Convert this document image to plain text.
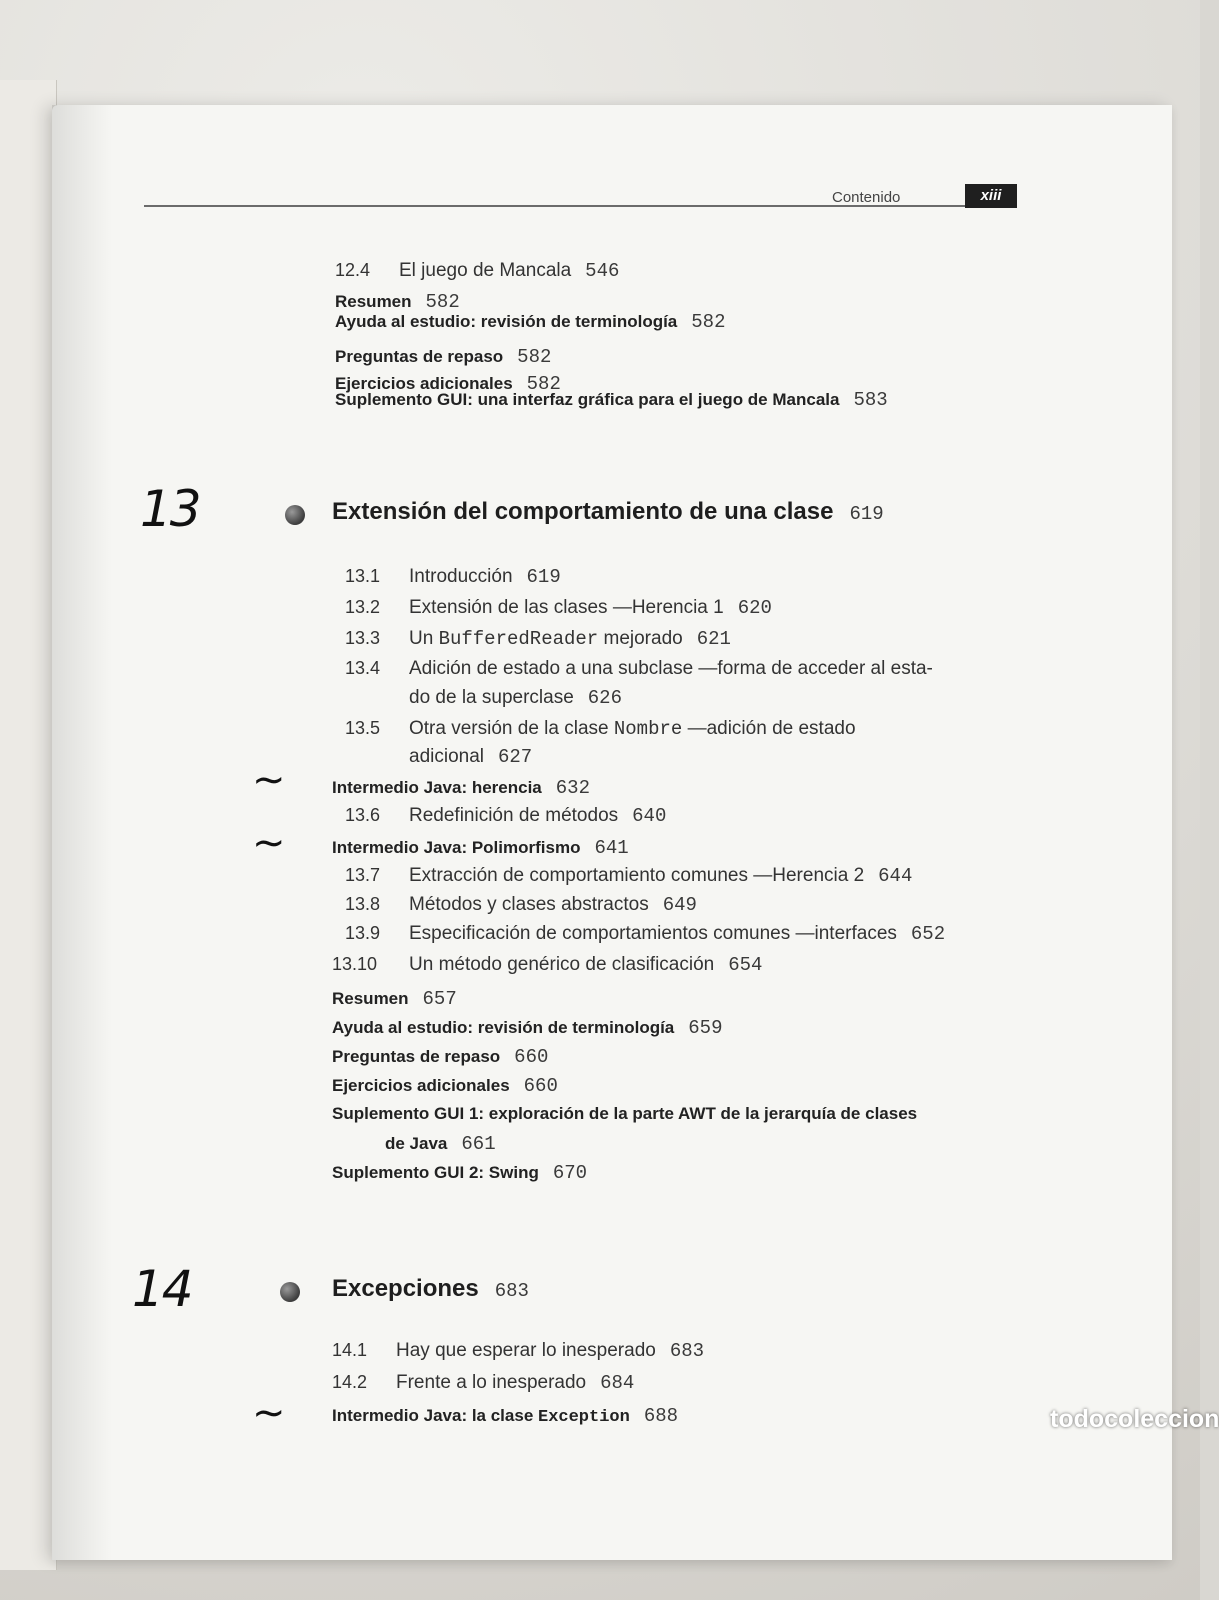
Contenido	xiii
12.4 El juego de Mancala 546
Resumen 582
Ayuda al estudio: revisión de terminología 582
Preguntas de repaso 582
Ejercicios adicionales 582
Suplemento GUI: una interfaz gráfica para el juego de Mancala 583
13	Extensión del comportamiento de una clase 619
13.1 Introducción 619
13.2 Extensión de las clases —Herencia 1 620
13.3 Un BufferedReader mejorado 621
13.4 Adición de estado a una subclase —forma de acceder al esta-
do de la superclase 626
13.5 Otra versión de la clase Nombre —adición de estado
adicional 627
∼	Intermedio Java: herencia 632
13.6 Redefinición de métodos 640
∼	Intermedio Java: Polimorfismo 641
13.7 Extracción de comportamiento comunes —Herencia 2 644
13.8 Métodos y clases abstractos 649
13.9 Especificación de comportamientos comunes —interfaces 652
13.10 Un método genérico de clasificación 654
Resumen 657
Ayuda al estudio: revisión de terminología 659
Preguntas de repaso 660
Ejercicios adicionales 660
Suplemento GUI 1: exploración de la parte AWT de la jerarquía de clases
de Java 661
Suplemento GUI 2: Swing 670
14	Excepciones 683
14.1 Hay que esperar lo inesperado 683
14.2 Frente a lo inesperado 684
∼	Intermedio Java: la clase Exception 688	todocoleccion
